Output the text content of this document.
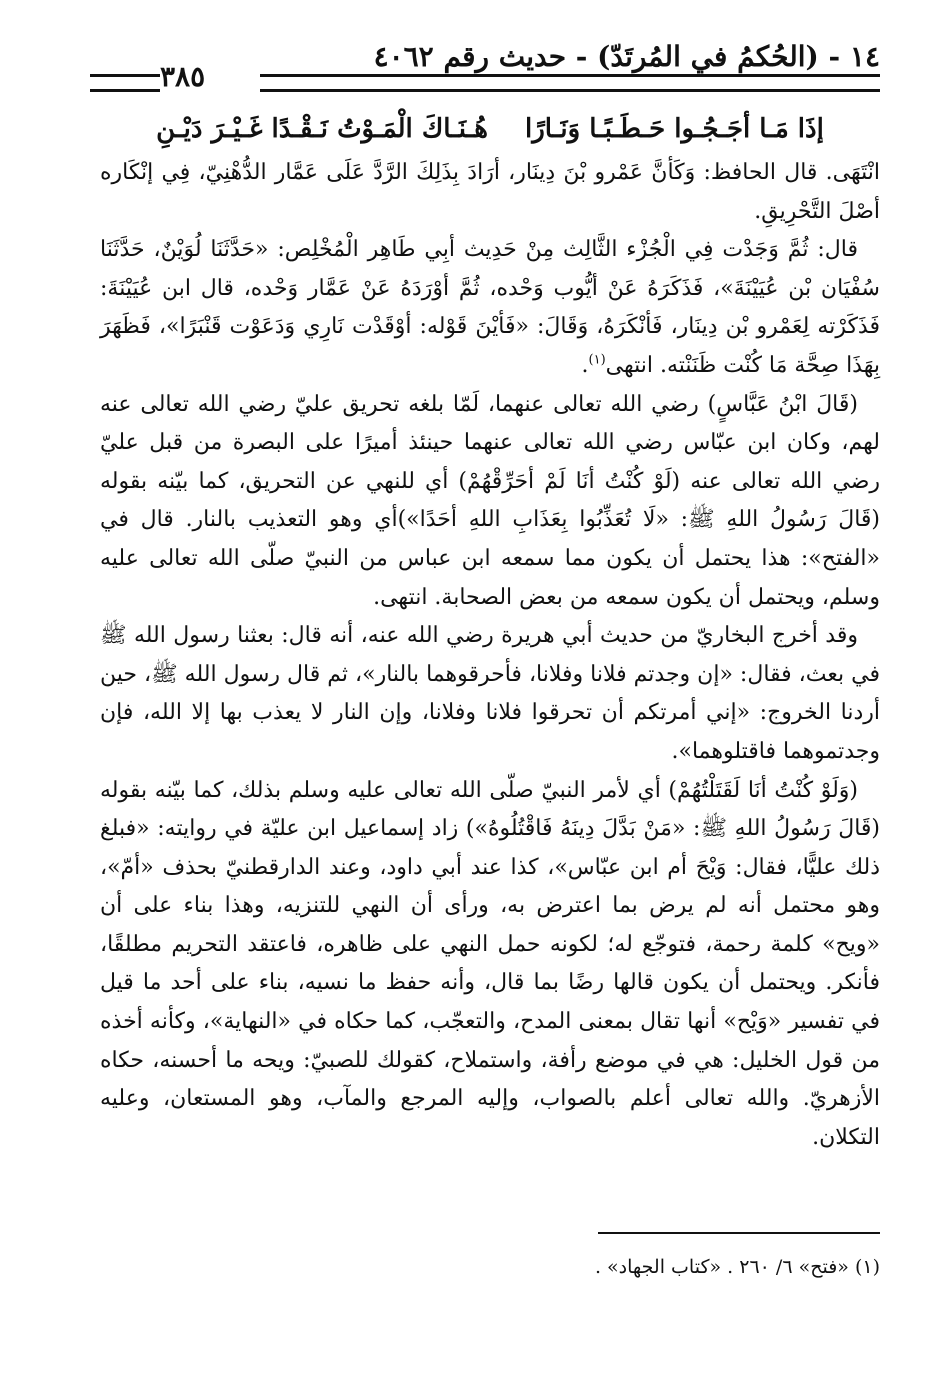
١٤ - (الحُكمُ في المُرتَدّ) - حديث رقم ٤٠٦٢
٣٨٥
إذَا مَـا أجَـجُـوا حَـطَـبًـا وَنَـارًا هُـنَـاكَ الْمَـوْتُ نَـقْـدًا غَـيْـرَ دَيْـنِ

انْتَهَى. قال الحافظ: وَكَأنَّ عَمْرو بْنَ دِينَار، أرَادَ بِذَلِكَ الرَّدَّ عَلَى عَمَّار الدُّهْنِيّ، فِي إنْكَاره أصْلَ التَّحْرِيقِ.

قال: ثُمَّ وَجَدْت فِي الْجُزْء الثَّالِث مِنْ حَدِيث أبِي طَاهِر الْمُخْلِص: «حَدَّثَنَا لُوَيْنٌ، حَدَّثَنَا سُفْيَان بْن عُيَيْنَةَ»، فَذَكَرَهُ عَنْ أيُّوب وَحْده، ثُمَّ أوْرَدَهُ عَنْ عَمَّار وَحْده، قال ابن عُيَيْنَةَ: فَذَكَرْته لِعَمْرو بْن دِينَار، فَأنْكَرَهُ، وَقَالَ: «فَأيْنَ قَوْله: أوْقَدْت نَارِي وَدَعَوْت قَنْبَرًا»، فَظَهَرَ بِهَذَا صِحَّة مَا كُنْت ظَنَنْته. انتهى$^{(١)}$.

(قَالَ ابْنُ عَبَّاسٍ) رضي الله تعالى عنهما، لَمّا بلغه تحريق عليّ رضي الله تعالى عنه لهم، وكان ابن عبّاس رضي الله تعالى عنهما حينئذ أميرًا على البصرة من قبل عليّ رضي الله تعالى عنه (لَوْ كُنْتُ أنَا لَمْ أحَرِّقْهُمْ) أي للنهي عن التحريق، كما بيّنه بقوله (قَالَ رَسُولُ اللهِ ﷺ: «لَا تُعَذِّبُوا بِعَذَابِ اللهِ أحَدًا»)أي وهو التعذيب بالنار. قال في «الفتح»: هذا يحتمل أن يكون مما سمعه ابن عباس من النبيّ صلّى الله تعالى عليه وسلم، ويحتمل أن يكون سمعه من بعض الصحابة. انتهى.

وقد أخرج البخاريّ من حديث أبي هريرة رضي الله عنه، أنه قال: بعثنا رسول الله ﷺ في بعث، فقال: «إن وجدتم فلانا وفلانا، فأحرقوهما بالنار»، ثم قال رسول الله ﷺ، حين أردنا الخروج: «إني أمرتكم أن تحرقوا فلانا وفلانا، وإن النار لا يعذب بها إلا الله، فإن وجدتموهما فاقتلوهما».

(وَلَوْ كُنْتُ أنَا لَقَتَلْتُهُمْ) أي لأمر النبيّ صلّى الله تعالى عليه وسلم بذلك، كما بيّنه بقوله (قَالَ رَسُولُ اللهِ ﷺ: «مَنْ بَدَّلَ دِينَهُ فَاقْتُلُوهُ») زاد إسماعيل ابن عليّة في روايته: «فبلغ ذلك عليًّا، فقال: وَيْحَ أم ابن عبّاس»، كذا عند أبي داود، وعند الدارقطنيّ بحذف «أمّ»، وهو محتمل أنه لم يرض بما اعترض به، ورأى أن النهي للتنزيه، وهذا بناء على أن «ويح» كلمة رحمة، فتوجّع له؛ لكونه حمل النهي على ظاهره، فاعتقد التحريم مطلقًا، فأنكر. ويحتمل أن يكون قالها رضًا بما قال، وأنه حفظ ما نسيه، بناء على أحد ما قيل في تفسير «وَيْح» أنها تقال بمعنى المدح، والتعجّب، كما حكاه في «النهاية»، وكأنه أخذه من قول الخليل: هي في موضع رأفة، واستملاح، كقولك للصبيّ: ويحه ما أحسنه، حكاه الأزهريّ. والله تعالى أعلم بالصواب، وإليه المرجع والمآب، وهو المستعان، وعليه التكلان.

(١) «فتح» ٦/ ٢٦٠ . «كتاب الجهاد» .
